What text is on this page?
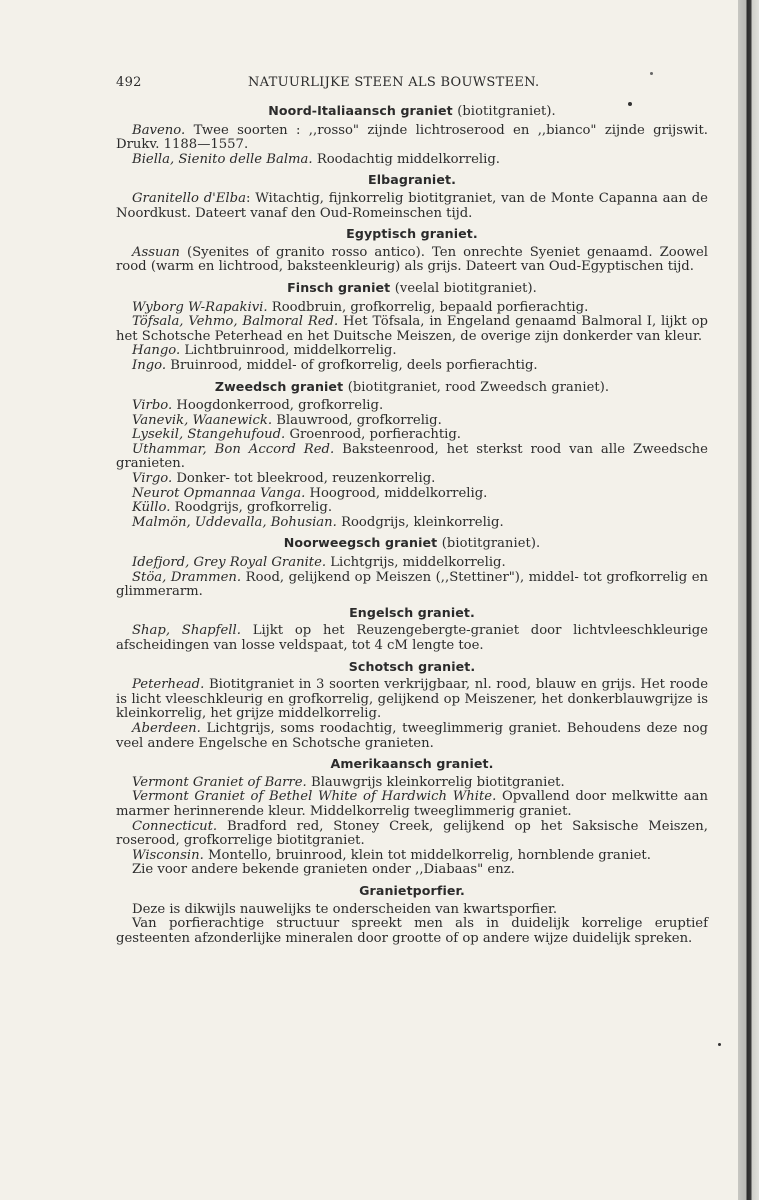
492	NATUURLIJKE STEEN ALS BOUWSTEEN.
Noord-Italiaansch graniet (biotitgraniet).

Baveno. Twee soorten : ,,rosso" zijnde lichtroserood en ,,bianco" zijnde grijswit. Drukv. 1188—1557.

Biella, Sienito delle Balma. Roodachtig middelkorrelig.

Elbagraniet.

Granitello d'Elba: Witachtig, fijnkorrelig biotitgraniet, van de Monte Capanna aan de Noordkust. Dateert vanaf den Oud-Romeinschen tijd.

Egyptisch graniet.

Assuan (Syenites of granito rosso antico). Ten onrechte Syeniet genaamd. Zoowel rood (warm en lichtrood, baksteenkleurig) als grijs. Dateert van Oud-Egyptischen tijd.

Finsch graniet (veelal biotitgraniet).

Wyborg W-Rapakivi. Roodbruin, grofkorrelig, bepaald porfierachtig.

Töfsala, Vehmo, Balmoral Red. Het Töfsala, in Engeland genaamd Balmoral I, lijkt op het Schotsche Peterhead en het Duitsche Meiszen, de overige zijn donkerder van kleur.

Hango. Lichtbruinrood, middelkorrelig.

Ingo. Bruinrood, middel- of grofkorrelig, deels porfierachtig.

Zweedsch graniet (biotitgraniet, rood Zweedsch graniet).

Virbo. Hoogdonkerrood, grofkorrelig.

Vanevik, Waanewick. Blauwrood, grofkorrelig.

Lysekil, Stangehufoud. Groenrood, porfierachtig.

Uthammar, Bon Accord Red. Baksteenrood, het sterkst rood van alle Zweedsche granieten.

Virgo. Donker- tot bleekrood, reuzenkorrelig.

Neurot Opmannaa Vanga. Hoogrood, middelkorrelig.

Küllo. Roodgrijs, grofkorrelig.

Malmön, Uddevalla, Bohusian. Roodgrijs, kleinkorrelig.

Noorweegsch graniet (biotitgraniet).

Idefjord, Grey Royal Granite. Lichtgrijs, middelkorrelig.

Stöa, Drammen. Rood, gelijkend op Meiszen (,,Stettiner"), middel- tot grofkorrelig en glimmerarm.

Engelsch graniet.

Shap, Shapfell. Lijkt op het Reuzengebergte-graniet door lichtvleeschkleurige afscheidingen van losse veldspaat, tot 4 cM lengte toe.

Schotsch graniet.

Peterhead. Biotitgraniet in 3 soorten verkrijgbaar, nl. rood, blauw en grijs. Het roode is licht vleeschkleurig en grofkorrelig, gelijkend op Meiszener, het donkerblauwgrijze is kleinkorrelig, het grijze middelkorrelig.

Aberdeen. Lichtgrijs, soms roodachtig, tweeglimmerig graniet. Behoudens deze nog veel andere Engelsche en Schotsche granieten.

Amerikaansch graniet.

Vermont Graniet of Barre. Blauwgrijs kleinkorrelig biotitgraniet.

Vermont Graniet of Bethel White of Hardwich White. Opvallend door melkwitte aan marmer herinnerende kleur. Middelkorrelig tweeglimmerig graniet.

Connecticut. Bradford red, Stoney Creek, gelijkend op het Saksische Meiszen, roserood, grofkorrelige biotitgraniet.

Wisconsin. Montello, bruinrood, klein tot middelkorrelig, hornblende graniet.

Zie voor andere bekende granieten onder ,,Diabaas" enz.

Granietporfier.

Deze is dikwijls nauwelijks te onderscheiden van kwartsporfier.

Van porfierachtige structuur spreekt men als in duidelijk korrelige eruptief gesteenten afzonderlijke mineralen door grootte of op andere wijze duidelijk spreken.
